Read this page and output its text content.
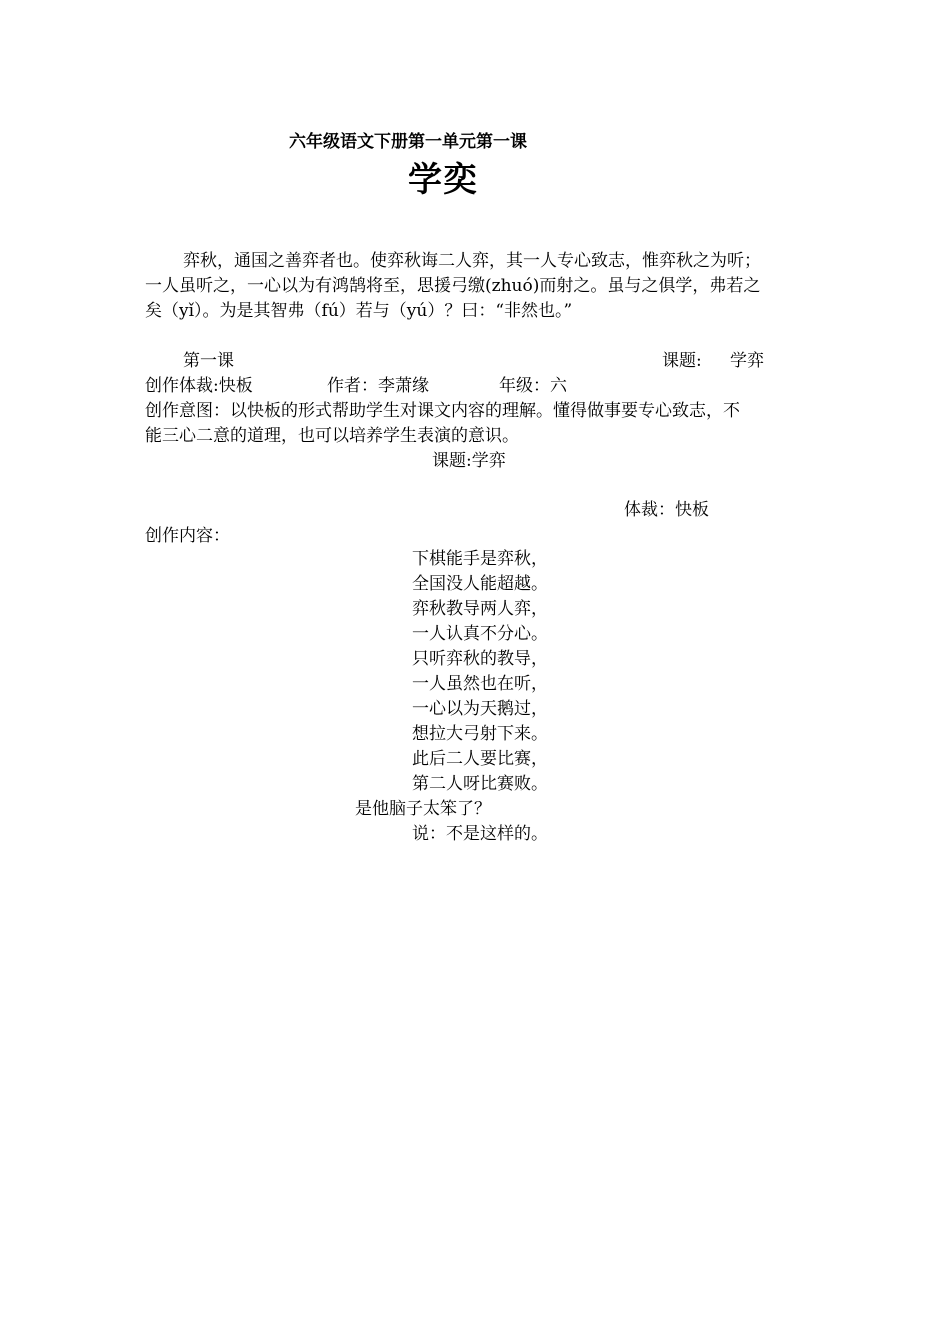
六年级语文下册第一单元第一课
学奕
弈秋，通国之善弈者也。使弈秋诲二人弈，其一人专心致志，惟弈秋之为听；
一人虽听之，一心以为有鸿鹄将至，思援弓缴(zhuó)而射之。虽与之俱学，弗若之
矣（yǐ）。为是其智弗（fú）若与（yú）？曰：“非然也。”
第一课	课题: 学弈
创作体裁:快板	作者：李萧缘	年级：六
创作意图：以快板的形式帮助学生对课文内容的理解。懂得做事要专心致志，不
能三心二意的道理，也可以培养学生表演的意识。
课题:学弈
体裁：快板
创作内容：
下棋能手是弈秋，
全国没人能超越。
弈秋教导两人弈，
一人认真不分心。
只听弈秋的教导，
一人虽然也在听，
一心以为天鹅过，
想拉大弓射下来。
此后二人要比赛，
第二人呀比赛败。
是他脑子太笨了？
说：不是这样的。
